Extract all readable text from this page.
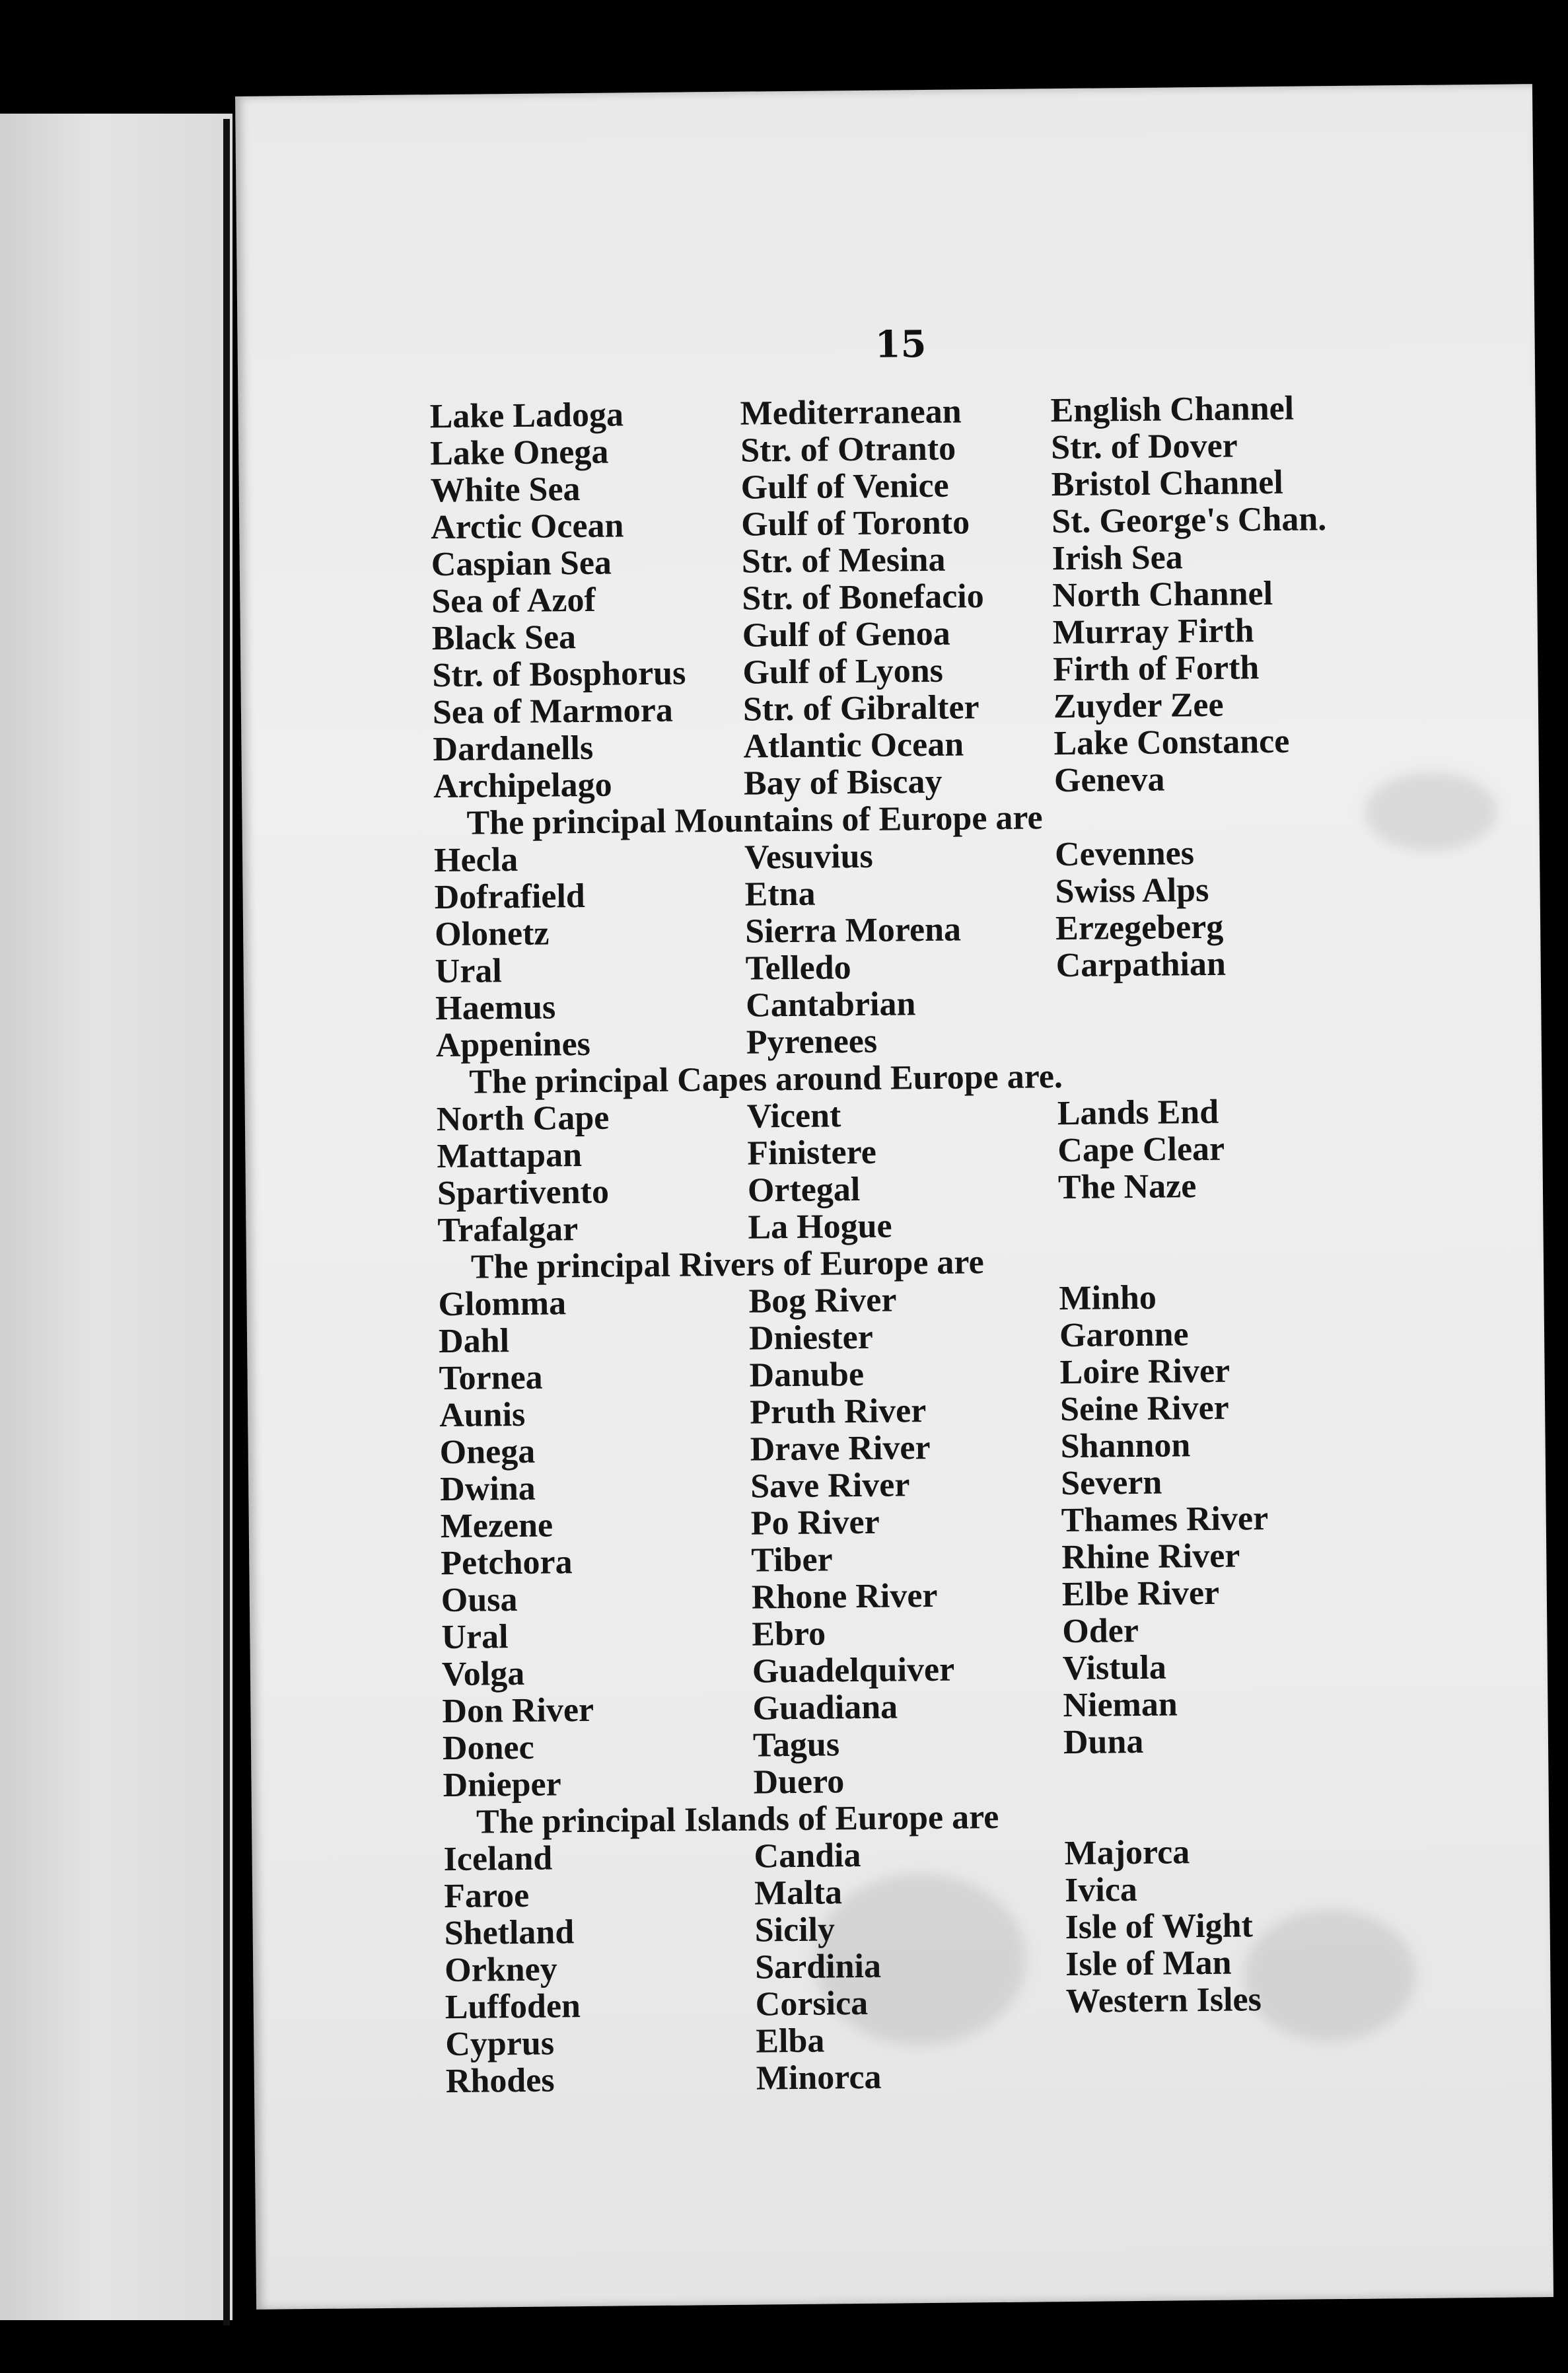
15

Lake Ladoga	Mediterranean	English Channel
Lake Onega	Str. of Otranto	Str. of Dover
White Sea	Gulf of Venice	Bristol Channel
Arctic Ocean	Gulf of Toronto	St. George's Chan.
Caspian Sea	Str. of Mesina	Irish Sea
Sea of Azof	Str. of Bonefacio	North Channel
Black Sea	Gulf of Genoa	Murray Firth
Str. of Bosphorus	Gulf of Lyons	Firth of Forth
Sea of Marmora	Str. of Gibralter	Zuyder Zee
Dardanells	Atlantic Ocean	Lake Constance
Archipelago	Bay of Biscay	Geneva
The principal Mountains of Europe are
Hecla	Vesuvius	Cevennes
Dofrafield	Etna	Swiss Alps
Olonetz	Sierra Morena	Erzegeberg
Ural	Telledo	Carpathian
Haemus	Cantabrian
Appenines	Pyrenees
The principal Capes around Europe are.
North Cape	Vicent	Lands End
Mattapan	Finistere	Cape Clear
Spartivento	Ortegal	The Naze
Trafalgar	La Hogue
The principal Rivers of Europe are
Glomma	Bog River	Minho
Dahl	Dniester	Garonne
Tornea	Danube	Loire River
Aunis	Pruth River	Seine River
Onega	Drave River	Shannon
Dwina	Save River	Severn
Mezene	Po River	Thames River
Petchora	Tiber	Rhine River
Ousa	Rhone River	Elbe River
Ural	Ebro	Oder
Volga	Guadelquiver	Vistula
Don River	Guadiana	Nieman
Donec	Tagus	Duna
Dnieper	Duero
The principal Islands of Europe are
Iceland	Candia	Majorca
Faroe	Malta	Ivica
Shetland	Sicily	Isle of Wight
Orkney	Sardinia	Isle of Man
Luffoden	Corsica	Western Isles
Cyprus	Elba
Rhodes	Minorca
